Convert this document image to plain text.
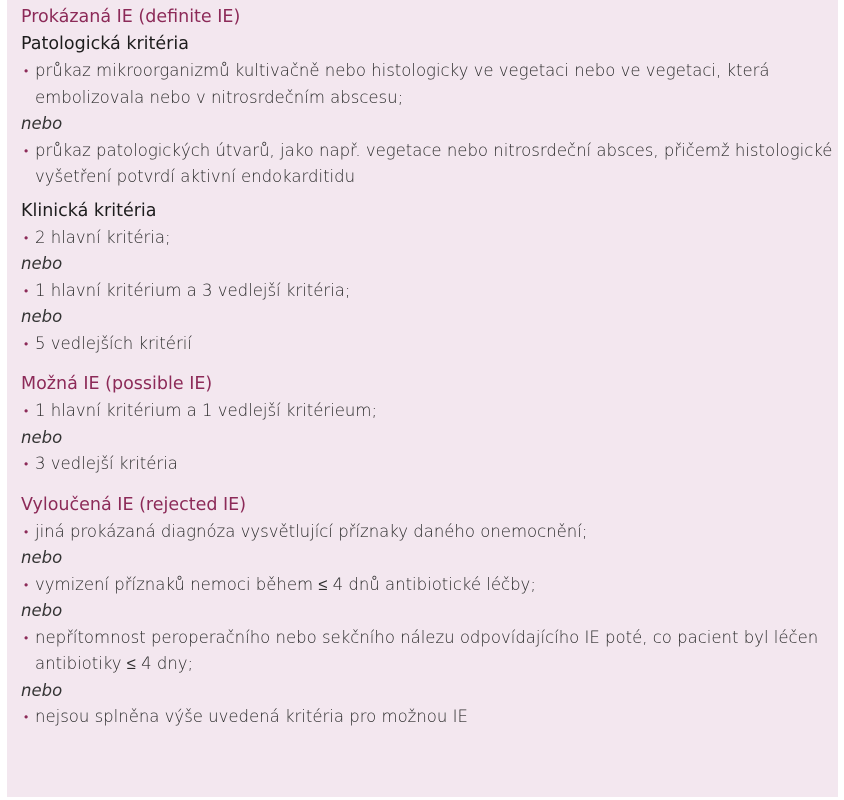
Prokázaná IE (definite IE)

Patologická kritéria

• průkaz mikroorganizmů kultivačně nebo histologicky ve vegetaci nebo ve vegetaci, která embolizovala nebo v nitrosrdečním abscesu;

nebo

• průkaz patologických útvarů, jako např. vegetace nebo nitrosrdeční absces, přičemž histologické vyšetření potvrdí aktivní endokarditidu

Klinická kritéria

• 2 hlavní kritéria;

nebo

• 1 hlavní kritérium a 3 vedlejší kritéria;

nebo

• 5 vedlejších kritérií

Možná IE (possible IE)

• 1 hlavní kritérium a 1 vedlejší kritérieum;

nebo

• 3 vedlejší kritéria

Vyloučená IE (rejected IE)

• jiná prokázaná diagnóza vysvětlující příznaky daného onemocnění;

nebo

• vymizení příznaků nemoci během ≤ 4 dnů antibiotické léčby;

nebo

• nepřítomnost peroperačního nebo sekčního nálezu odpovídajícího IE poté, co pacient byl léčen antibiotiky ≤ 4 dny;

nebo

• nejsou splněna výše uvedená kritéria pro možnou IE
